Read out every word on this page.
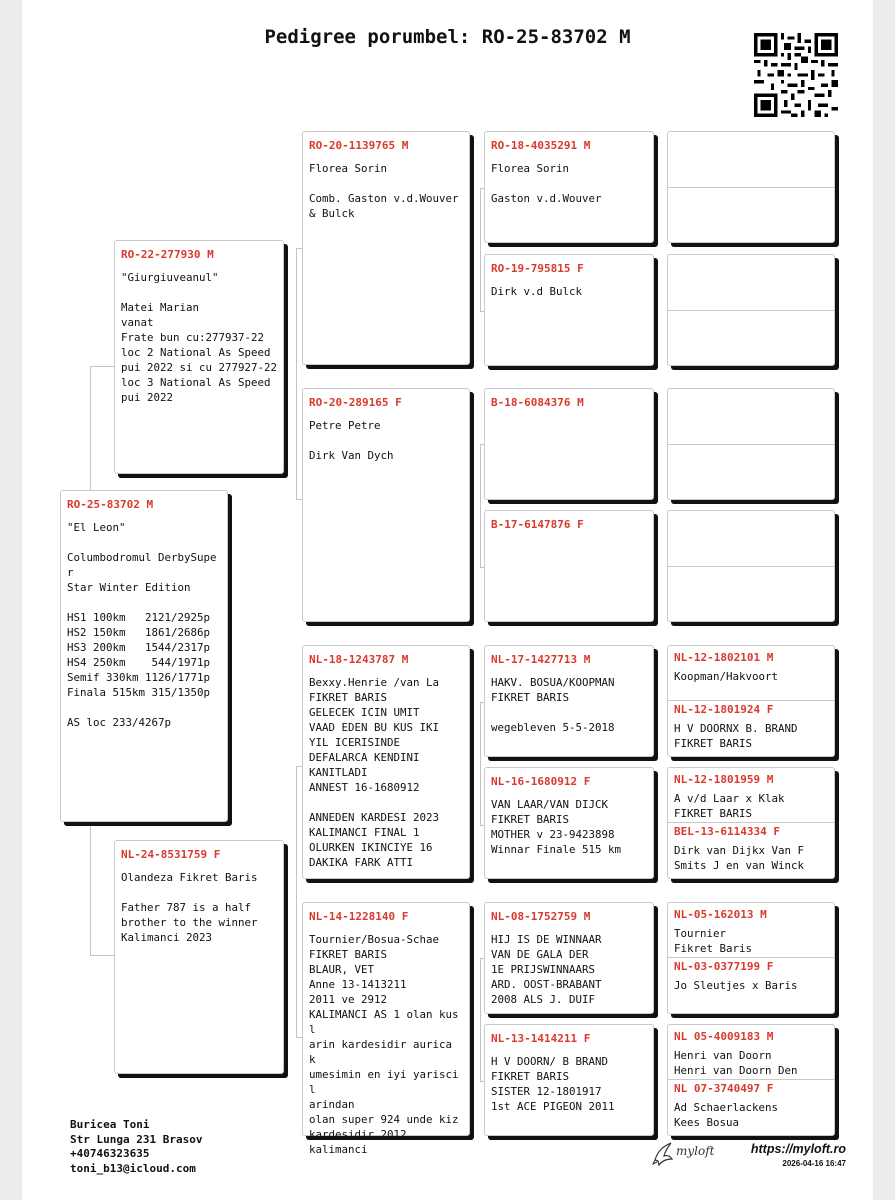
Pedigree porumbel: RO-25-83702 M
RO-25-83702 M
"El Leon"

Columbodromul DerbySuper
Star Winter Edition

HS1 100km   2121/2925p
HS2 150km   1861/2686p
HS3 200km   1544/2317p
HS4 250km    544/1971p
Semif 330km 1126/1771p
Finala 515km 315/1350p

AS loc 233/4267p
RO-22-277930 M
"Giurgiuveanul"

Matei Marian
vanat
Frate bun cu:277937-22
loc 2 National As Speed
pui 2022 si cu 277927-22
loc 3 National As Speed
pui 2022
NL-24-8531759 F
Olandeza Fikret Baris

Father 787 is a half
brother to the winner
Kalimanci 2023
RO-20-1139765 M
Florea Sorin

Comb. Gaston v.d.Wouver
& Bulck
RO-20-289165 F
Petre Petre

Dirk Van Dych
NL-18-1243787 M
Bexxy.Henrie /van La
FIKRET BARIS
GELECEK ICIN UMIT
VAAD EDEN BU KUS IKI
YIL ICERISINDE
DEFALARCA KENDINI
KANITLADI
ANNEST 16-1680912

ANNEDEN KARDESI 2023
KALIMANCI FINAL 1
OLURKEN IKINCIYE 16
DAKIKA FARK ATTI
NL-14-1228140 F
Tournier/Bosua-Schae
FIKRET BARIS
BLAUR, VET
Anne 13-1413211
2011 ve 2912
KALIMANCI AS 1 olan kusl
arin kardesidir aurica k
umesimin en iyi yariscil
arindan
olan super 924 unde kiz
kardesidir 2012
kalimanci
RO-18-4035291 M
Florea Sorin

Gaston v.d.Wouver
RO-19-795815 F
Dirk v.d Bulck
B-18-6084376 M
B-17-6147876 F
NL-17-1427713 M
HAKV. BOSUA/KOOPMAN
FIKRET BARIS

wegebleven 5-5-2018
NL-16-1680912 F
VAN LAAR/VAN DIJCK
FIKRET BARIS
MOTHER v 23-9423898
Winnar Finale 515 km
NL-08-1752759 M
HIJ IS DE WINNAAR
VAN DE GALA DER
1E PRIJSWINNAARS
ARD. OOST-BRABANT
2008 ALS J. DUIF
NL-13-1414211 F
H V DOORN/ B BRAND
FIKRET BARIS
SISTER 12-1801917
1st ACE PIGEON 2011
NL-12-1802101 M
Koopman/Hakvoort
NL-12-1801924 F
H V DOORNX B. BRAND
FIKRET BARIS
NL-12-1801959 M
A v/d Laar x Klak
FIKRET BARIS
BEL-13-6114334 F
Dirk van Dijkx Van F
Smits J en van Winck
NL-05-162013 M
Tournier
Fikret Baris
NL-03-0377199 F
Jo Sleutjes x Baris
NL 05-4009183 M
Henri van Doorn
Henri van Doorn Den
NL 07-3740497 F
Ad Schaerlackens
Kees Bosua
Buricea Toni
Str Lunga 231 Brasov
+40746323635
toni_b13@icloud.com
myloft	https://myloft.ro
2026-04-16 16:47
